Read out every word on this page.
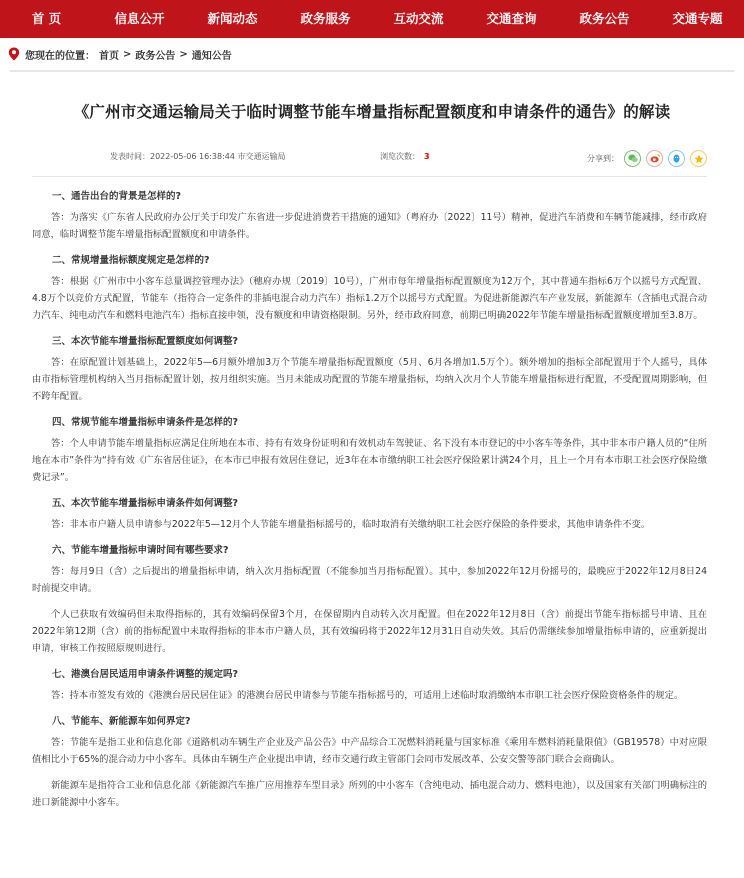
首 页	信息公开	新闻动态	政务服务	互动交流	交通查询	政务公告	交通专题
您现在的位置： 首页 > 政务公告 > 通知公告
《广州市交通运输局关于临时调整节能车增量指标配置额度和申请条件的通告》的解读
发表时间：2022-05-06 16:38:44 市交通运输局	浏览次数： 3	分享到：
一、通告出台的背景是怎样的?
答：为落实《广东省人民政府办公厅关于印发广东省进一步促进消费若干措施的通知》（粤府办〔2022〕11号）精神，促进汽车消费和车辆节能减排，经市政府同意，临时调整节能车增量指标配置额度和申请条件。
二、常规增量指标额度规定是怎样的?
答：根据《广州市中小客车总量调控管理办法》（穗府办规〔2019〕10号），广州市每年增量指标配置额度为12万个，其中普通车指标6万个以摇号方式配置、4.8万个以竞价方式配置，节能车（指符合一定条件的非插电混合动力汽车）指标1.2万个以摇号方式配置。为促进新能源汽车产业发展，新能源车（含插电式混合动力汽车、纯电动汽车和燃料电池汽车）指标直接申领，没有额度和申请资格限制。另外，经市政府同意，前期已明确2022年节能车增量指标配置额度增加至3.8万。
三、本次节能车增量指标配置额度如何调整?
答：在原配置计划基础上，2022年5—6月额外增加3万个节能车增量指标配置额度（5月、6月各增加1.5万个）。额外增加的指标全部配置用于个人摇号，具体由市指标管理机构纳入当月指标配置计划，按月组织实施。当月未能成功配置的节能车增量指标，均纳入次月个人节能车增量指标进行配置，不受配置周期影响，但不跨年配置。
四、常规节能车增量指标申请条件是怎样的?
答：个人申请节能车增量指标应满足住所地在本市、持有有效身份证明和有效机动车驾驶证、名下没有本市登记的中小客车等条件，其中非本市户籍人员的“住所地在本市”条件为“持有效《广东省居住证》，在本市已申报有效居住登记，近3年在本市缴纳职工社会医疗保险累计满24个月，且上一个月有本市职工社会医疗保险缴费记录”。
五、本次节能车增量指标申请条件如何调整?
答：非本市户籍人员申请参与2022年5—12月个人节能车增量指标摇号的，临时取消有关缴纳职工社会医疗保险的条件要求，其他申请条件不变。
六、节能车增量指标申请时间有哪些要求?
答：每月9日（含）之后提出的增量指标申请，纳入次月指标配置（不能参加当月指标配置）。其中，参加2022年12月份摇号的，最晚应于2022年12月8日24时前提交申请。
个人已获取有效编码但未取得指标的，其有效编码保留3个月，在保留期内自动转入次月配置。但在2022年12月8日（含）前提出节能车指标摇号申请、且在2022年第12期（含）前的指标配置中未取得指标的非本市户籍人员，其有效编码将于2022年12月31日自动失效。其后仍需继续参加增量指标申请的，应重新提出申请，审核工作按照原规则进行。
七、港澳台居民适用申请条件调整的规定吗?
答：持本市签发有效的《港澳台居民居住证》的港澳台居民申请参与节能车指标摇号的，可适用上述临时取消缴纳本市职工社会医疗保险资格条件的规定。
八、节能车、新能源车如何界定?
答：节能车是指工业和信息化部《道路机动车辆生产企业及产品公告》中产品综合工况燃料消耗量与国家标准《乘用车燃料消耗量限值》（GB19578）中对应限值相比小于65%的混合动力中小客车。具体由车辆生产企业提出申请，经市交通行政主管部门会同市发展改革、公安交警等部门联合会商确认。
新能源车是指符合工业和信息化部《新能源汽车推广应用推荐车型目录》所列的中小客车（含纯电动、插电混合动力、燃料电池），以及国家有关部门明确标注的进口新能源中小客车。
